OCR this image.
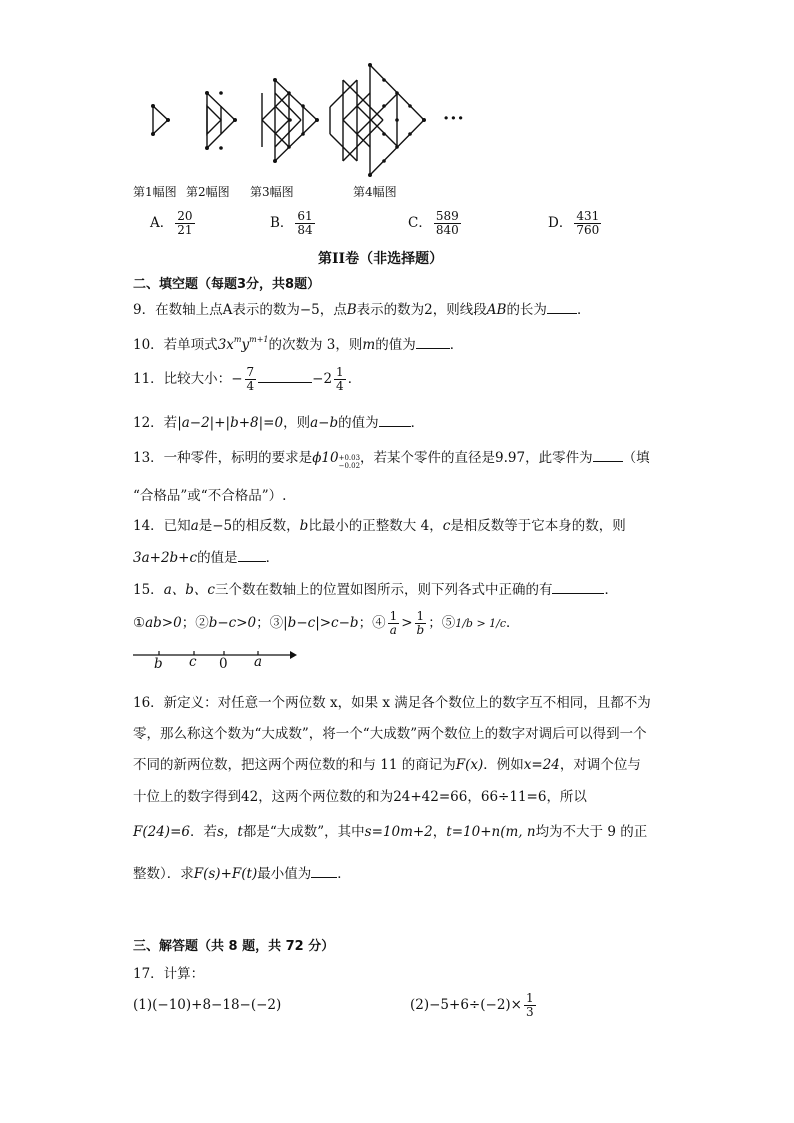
···
第1幅图 第2幅图 第3幅图	第4幅图
A． $\frac{20}{21}$	B． $\frac{61}{84}$	C． $\frac{589}{840}$	D． $\frac{431}{760}$
第II卷（非选择题）
二、填空题（每题3分，共8题）
9．在数轴上点A表示的数为−5，点B表示的数为2，则线段AB的长为 ．
10．若单项式$3x^my^{m+1}$的次数为 3，则m的值为	．
11．比较大小：− $\frac{7}{4}$	$-2 \frac{1}{4}$ ．
12．若|a−2|+|b+8|=0，则a−b的值为 ．
13．一种零件，标明的要求是ϕ10 +0.03
−0.02 ，若某个零件的直径是9.97，此零件为 （填
“合格品”或“不合格品”）.
14．已知a是−5的相反数，b比最小的正整数大 4，c是相反数等于它本身的数，则
3a+2b+c的值是 ．
15．a、b、c三个数在数轴上的位置如图所示，则下列各式中正确的有	．
①ab>0；②b−c>0；③|b−c|>c−b；④ $\frac{1}{a} > \frac{1}{b}$ ；⑤1/b > 1/c．
b c 0 a
16．新定义：对任意一个两位数 x，如果 x 满足各个数位上的数字互不相同，且都不为
零，那么称这个数为“大成数”，将一个“大成数”两个数位上的数字对调后可以得到一个
不同的新两位数，把这两个两位数的和与 11 的商记为F(x)．例如x=24，对调个位与
十位上的数字得到42，这两个两位数的和为24+42=66，66÷11=6，所以
F(24)=6．若s，t都是“大成数”，其中s=10m+2，t=10+n(m, n均为不大于 9 的正
整数）．求F(s)+F(t)最小值为 ．
三、解答题（共 8 题，共 72 分）
17．计算：
(1)(−10)+8−18−(−2)	$(2)-5+6\div(-2)\times \frac{1}{3}$
